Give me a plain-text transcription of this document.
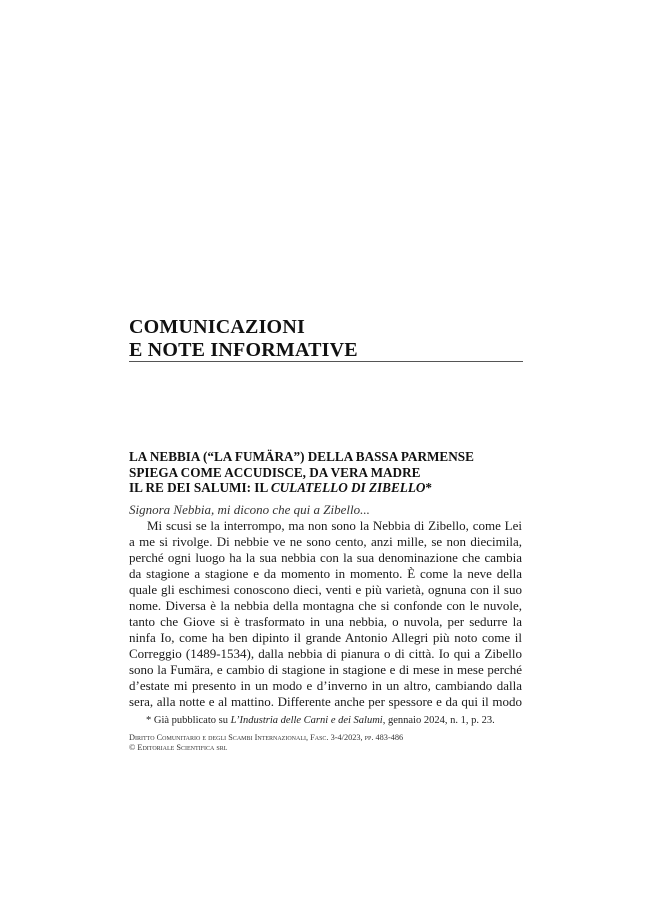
COMUNICAZIONI
E NOTE INFORMATIVE
LA NEBBIA (“LA FUMÄRA”) DELLA BASSA PARMENSE
SPIEGA COME ACCUDISCE, DA VERA MADRE
IL RE DEI SALUMI: IL CULATELLO DI ZIBELLO*
Signora Nebbia, mi dicono che qui a Zibello...
Mi scusi se la interrompo, ma non sono la Nebbia di Zibello, come Lei
a me si rivolge. Di nebbie ve ne sono cento, anzi mille, se non diecimila,
perché ogni luogo ha la sua nebbia con la sua denominazione che cambia
da stagione a stagione e da momento in momento. È come la neve della
quale gli eschimesi conoscono dieci, venti e più varietà, ognuna con il suo
nome. Diversa è la nebbia della montagna che si confonde con le nuvole,
tanto che Giove si è trasformato in una nebbia, o nuvola, per sedurre la
ninfa Io, come ha ben dipinto il grande Antonio Allegri più noto come il
Correggio (1489-1534), dalla nebbia di pianura o di città. Io qui a Zibello
sono la Fumära, e cambio di stagione in stagione e di mese in mese perché
d’estate mi presento in un modo e d’inverno in un altro, cambiando dalla
sera, alla notte e al mattino. Differente anche per spessore e da qui il modo
* Già pubblicato su L’Industria delle Carni e dei Salumi, gennaio 2024, n. 1, p. 23.
Diritto Comunitario e degli Scambi Internazionali, Fasc. 3-4/2023, pp. 483-486
© Editoriale Scientifica srl
